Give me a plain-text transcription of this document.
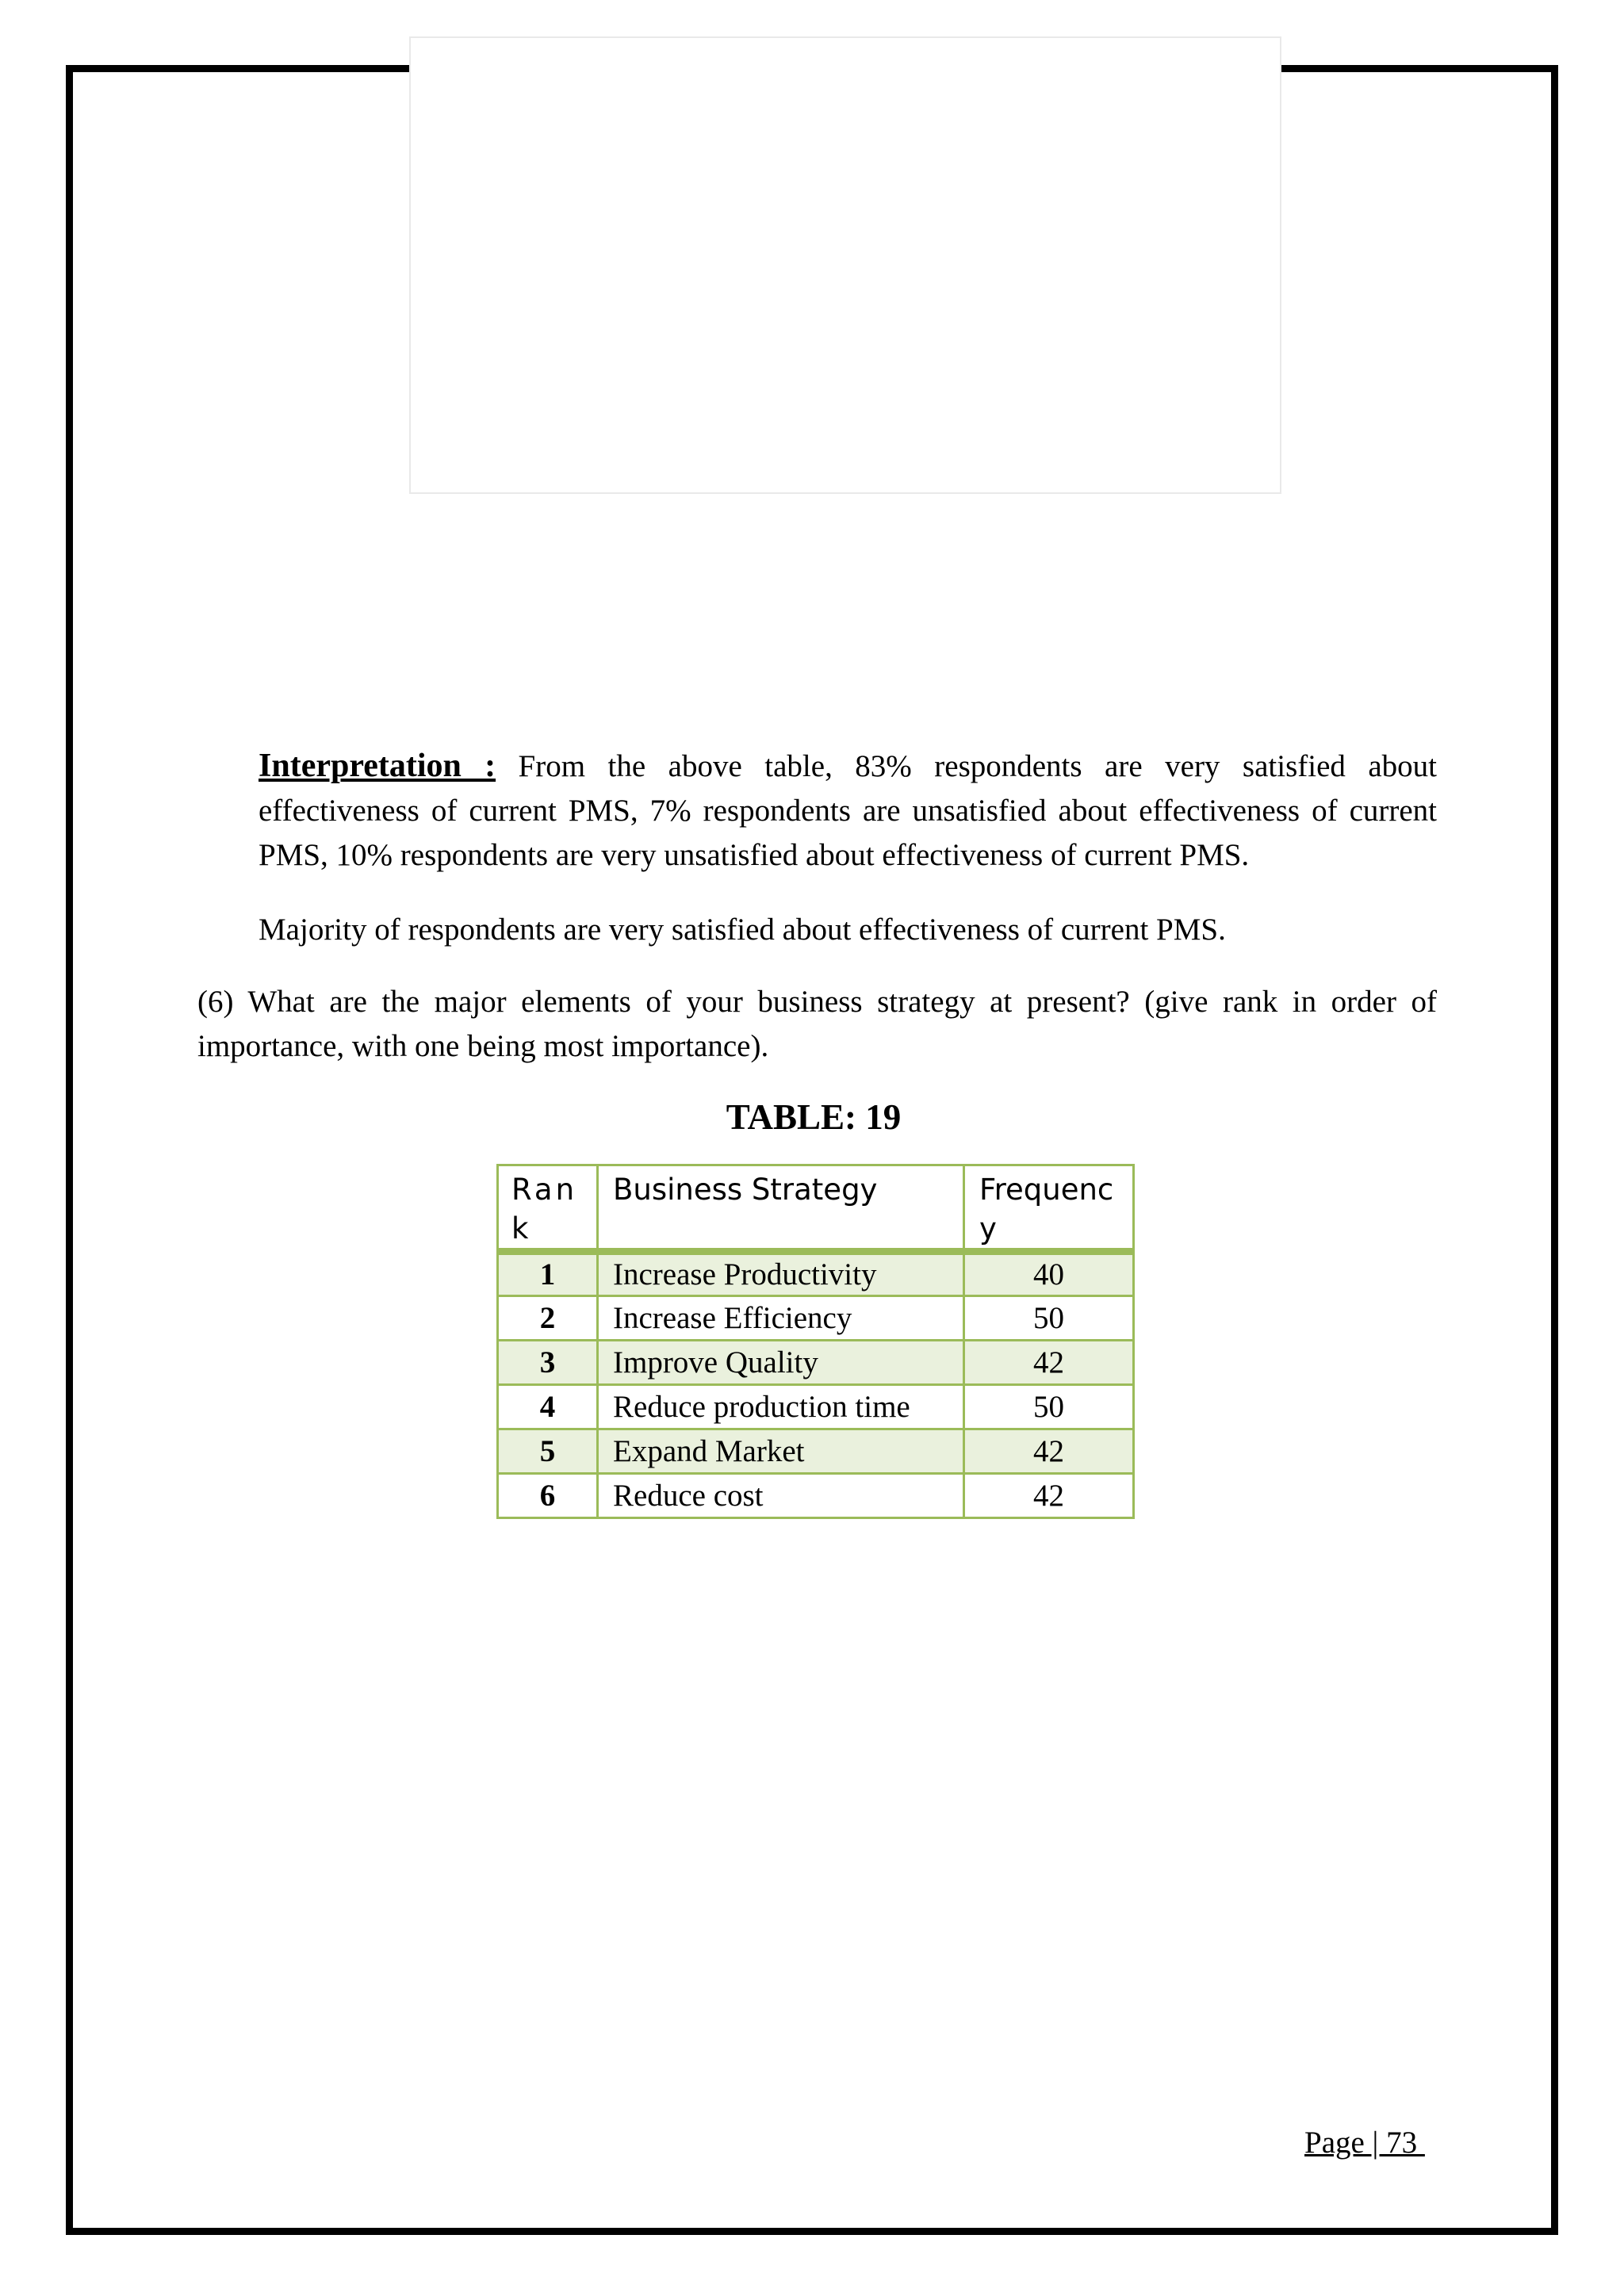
Interpretation : From the above table, 83% respondents are very satisfied about effectiveness of current PMS, 7% respondents are unsatisfied about effectiveness of current PMS, 10% respondents are very unsatisfied about effectiveness of current PMS.

Majority of respondents are very satisfied about effectiveness of current PMS.

(6) What are the major elements of your business strategy at present? (give rank in order of importance, with one being most importance).

TABLE: 19

Rank	Business Strategy	Frequency
1	Increase Productivity	40
2	Increase Efficiency	50
3	Improve Quality	42
4	Reduce production time	50
5	Expand Market	42
6	Reduce cost	42

Page | 73
